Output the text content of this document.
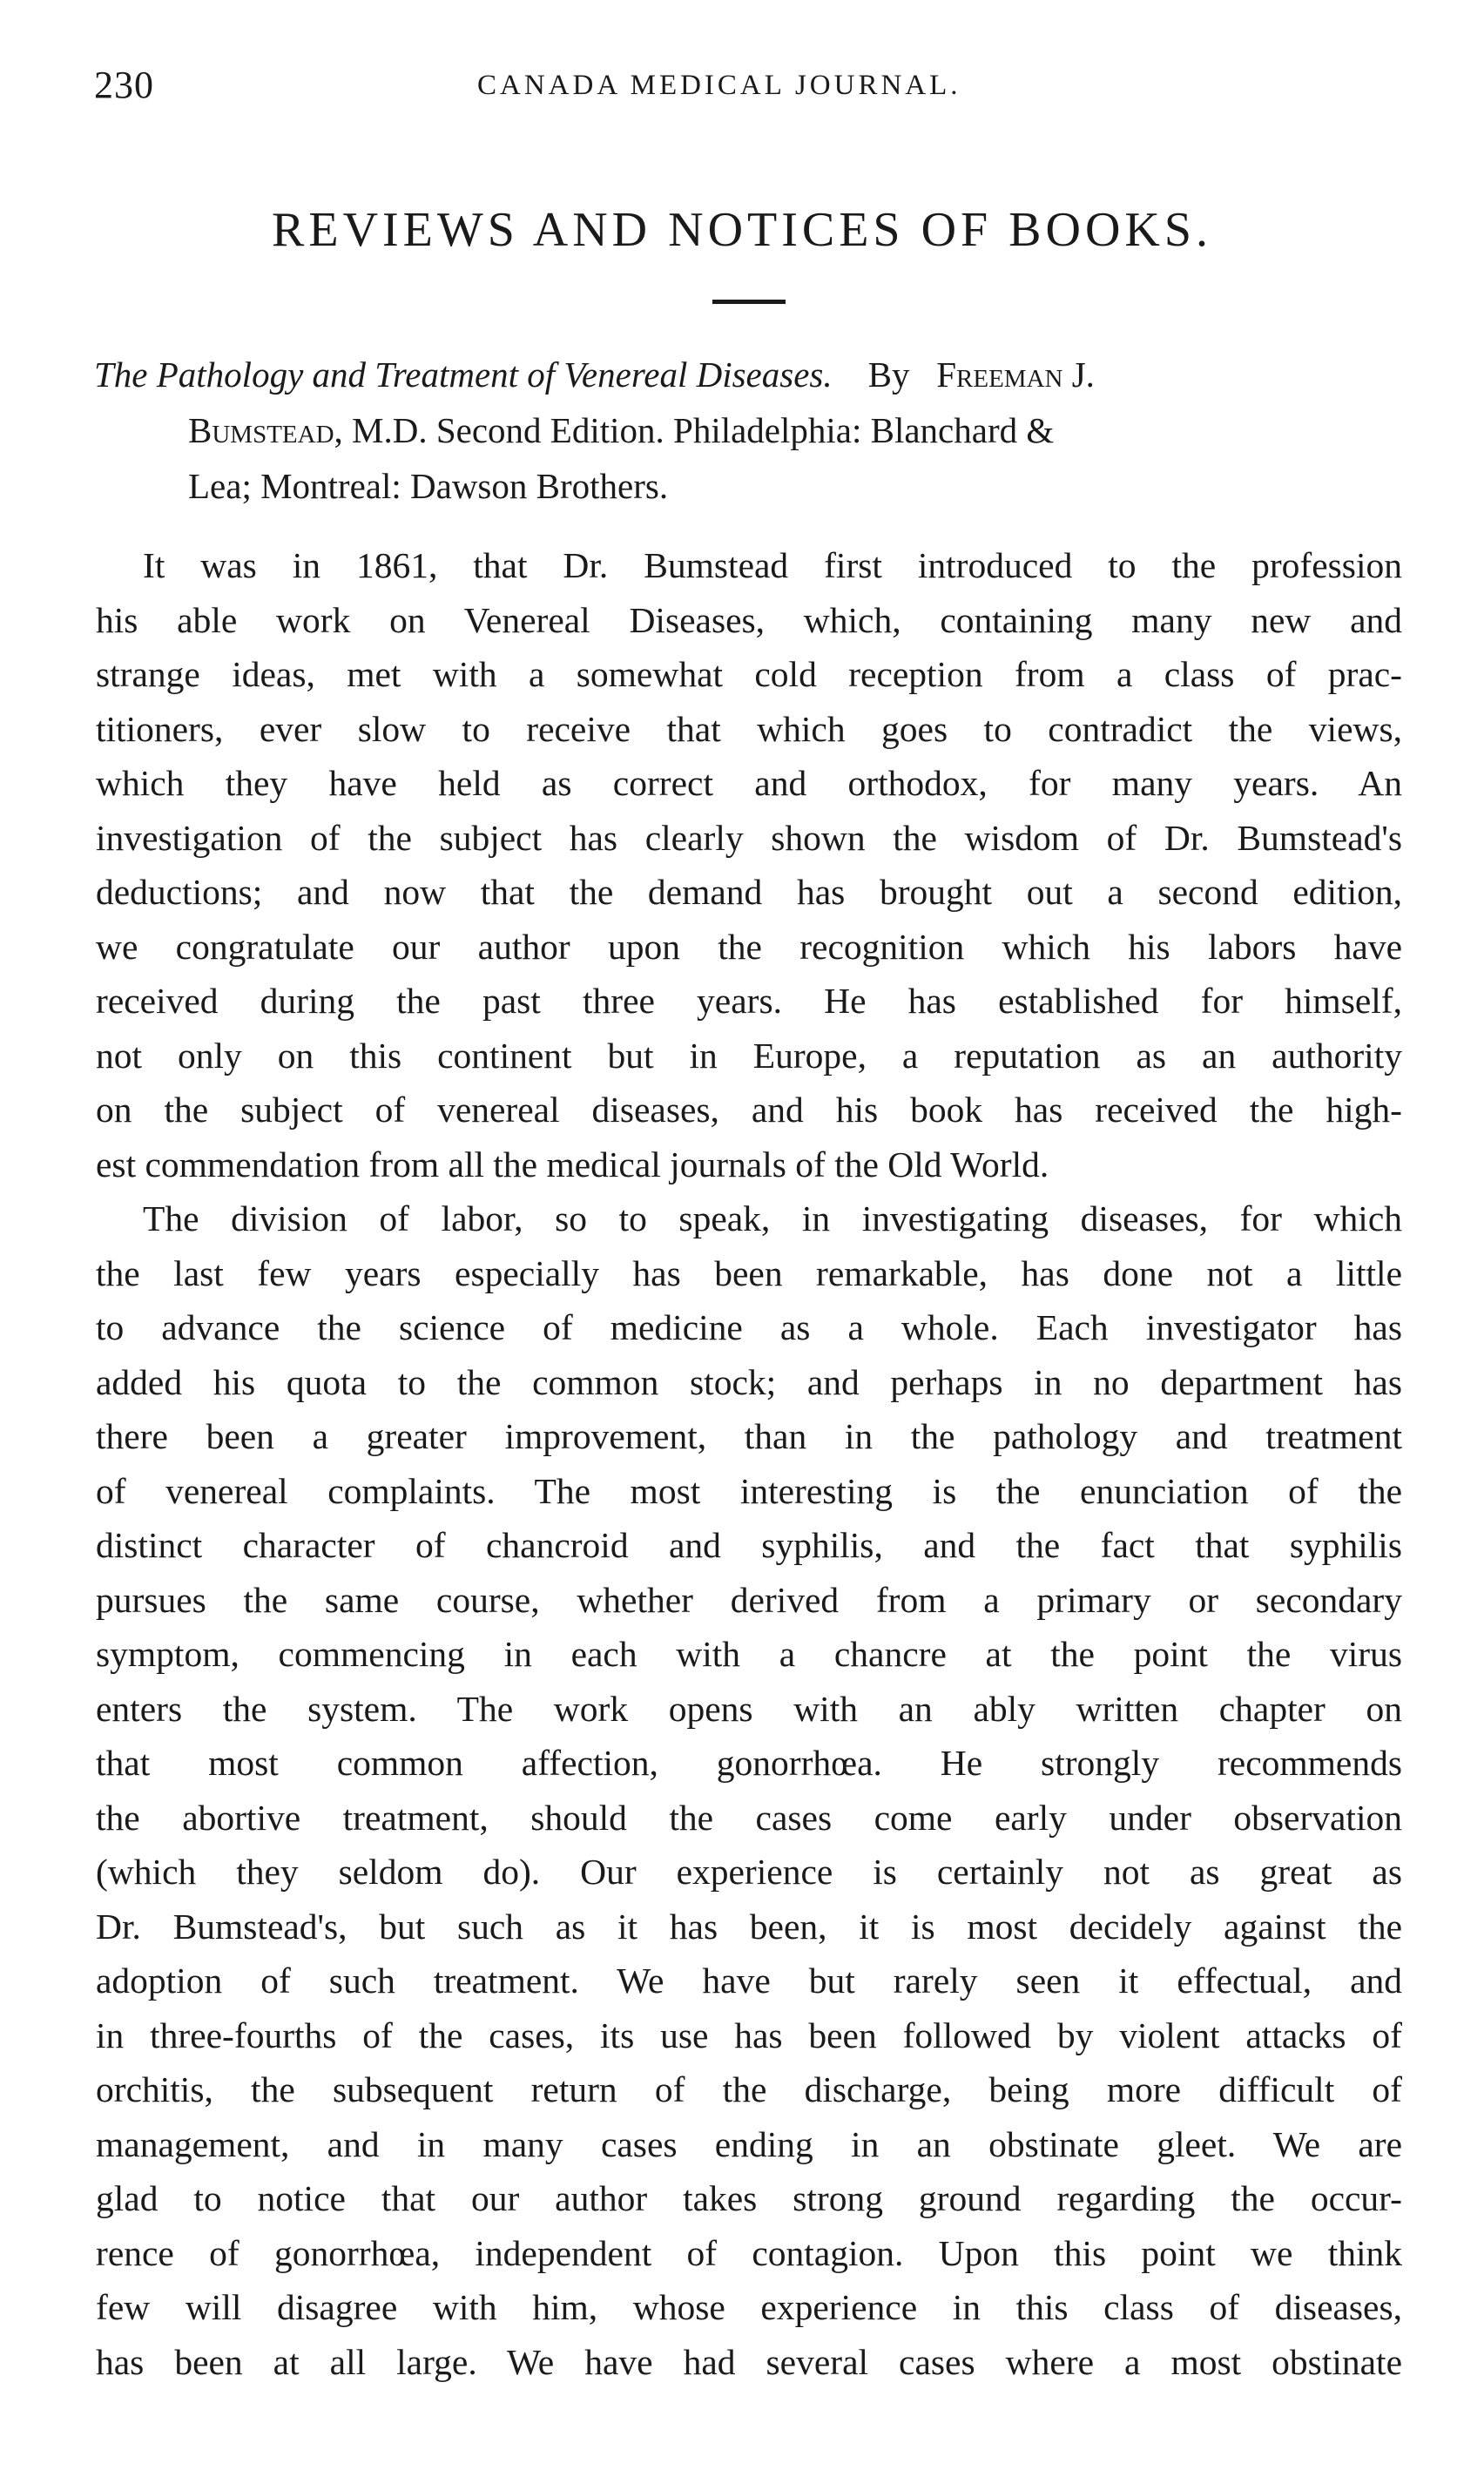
230	CANADA MEDICAL JOURNAL.
REVIEWS AND NOTICES OF BOOKS.
The Pathology and Treatment of Venereal Diseases. By Freeman J.
Bumstead, M.D. Second Edition. Philadelphia: Blanchard &
Lea; Montreal: Dawson Brothers.
It was in 1861, that Dr. Bumstead first introduced to the profession
his able work on Venereal Diseases, which, containing many new and
strange ideas, met with a somewhat cold reception from a class of prac-
titioners, ever slow to receive that which goes to contradict the views,
which they have held as correct and orthodox, for many years. An
investigation of the subject has clearly shown the wisdom of Dr. Bumstead's
deductions; and now that the demand has brought out a second edition,
we congratulate our author upon the recognition which his labors have
received during the past three years. He has established for himself,
not only on this continent but in Europe, a reputation as an authority
on the subject of venereal diseases, and his book has received the high-
est commendation from all the medical journals of the Old World.
The division of labor, so to speak, in investigating diseases, for which
the last few years especially has been remarkable, has done not a little
to advance the science of medicine as a whole. Each investigator has
added his quota to the common stock; and perhaps in no department has
there been a greater improvement, than in the pathology and treatment
of venereal complaints. The most interesting is the enunciation of the
distinct character of chancroid and syphilis, and the fact that syphilis
pursues the same course, whether derived from a primary or secondary
symptom, commencing in each with a chancre at the point the virus
enters the system. The work opens with an ably written chapter on
that most common affection, gonorrhœa. He strongly recommends
the abortive treatment, should the cases come early under observation
(which they seldom do). Our experience is certainly not as great as
Dr. Bumstead's, but such as it has been, it is most decidely against the
adoption of such treatment. We have but rarely seen it effectual, and
in three-fourths of the cases, its use has been followed by violent attacks of
orchitis, the subsequent return of the discharge, being more difficult of
management, and in many cases ending in an obstinate gleet. We are
glad to notice that our author takes strong ground regarding the occur-
rence of gonorrhœa, independent of contagion. Upon this point we think
few will disagree with him, whose experience in this class of diseases,
has been at all large. We have had several cases where a most obstinate
